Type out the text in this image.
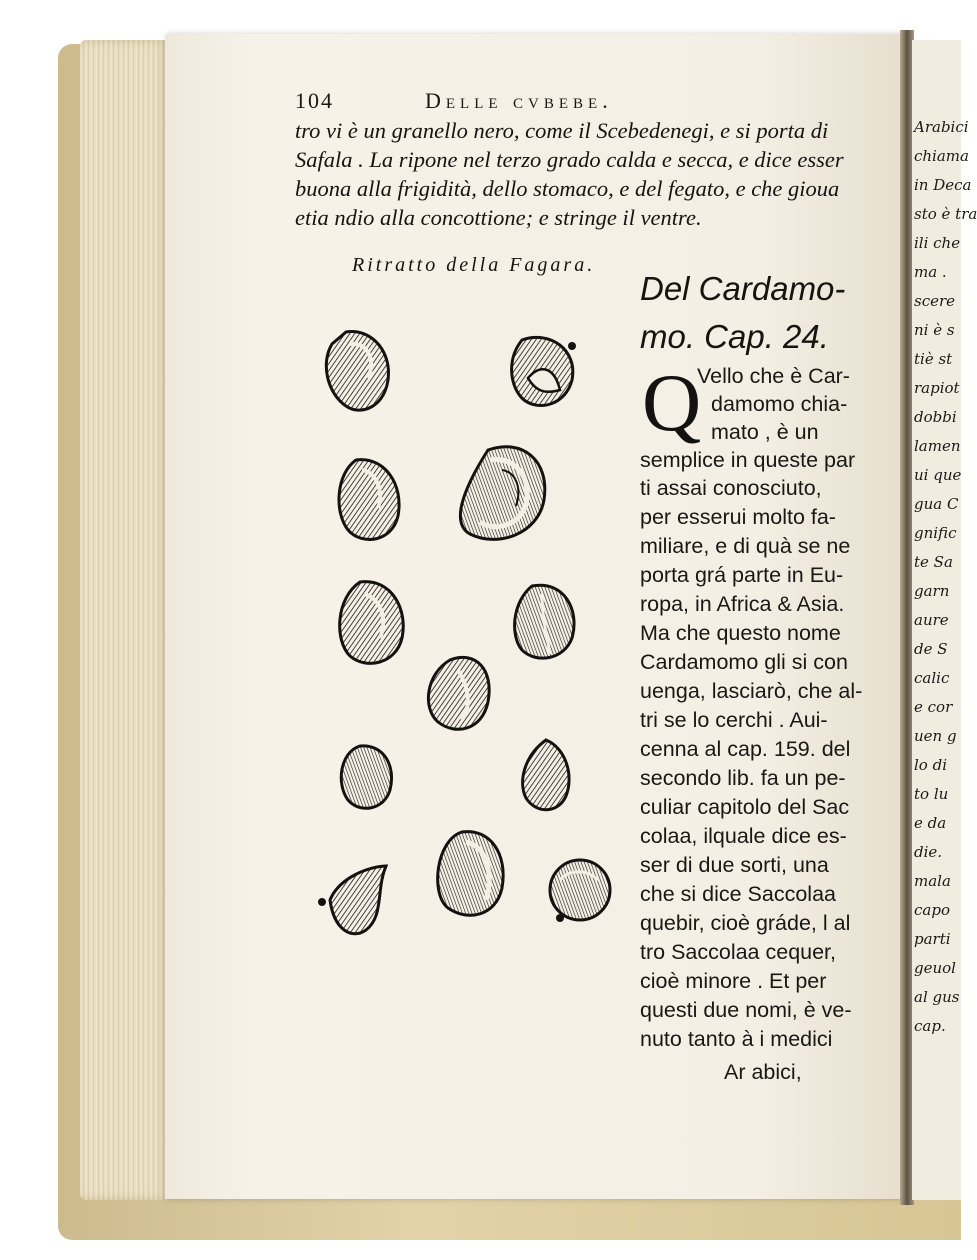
Arabici
chiama
in Deca
sto è tra
ili che
ma .
scere
ni è s
tiè st
rapiot
dobbi
lamen
ui que
gua C
gnific
te Sa
garn
aure
de S
calic
e cor
uen g
lo di
to lu
e da
die.
mala
capo
parti
geuol
al gus
cap.
104	Delle cvbebe.
tro vi è un granello nero, come il Scebedenegi, e si porta di
Safala . La ripone nel terzo grado calda e secca, e dice esser
buona alla frigidità, dello stomaco, e del fegato, e che gioua
etia ndio alla concottione; e stringe il ventre.
Ritratto della Fagara.
Del Cardamo-
mo. Cap. 24.
Q
Vello che è Car-
damomo chia-
mato , è un
semplice in queste par
ti assai conosciuto,
per esserui molto fa-
miliare, e di quà se ne
porta grá parte in Eu-
ropa, in Africa & Asia.
Ma che questo nome
Cardamomo gli si con
uenga, lasciarò, che al-
tri se lo cerchi . Aui-
cenna al cap. 159. del
secondo lib. fa un pe-
culiar capitolo del Sac
colaa, ilquale dice es-
ser di due sorti, una
che si dice Saccolaa
quebir, cioè gráde, l al
tro Saccolaa cequer,
cioè minore . Et per
questi due nomi, è ve-
nuto tanto à i medici
Ar abici,
